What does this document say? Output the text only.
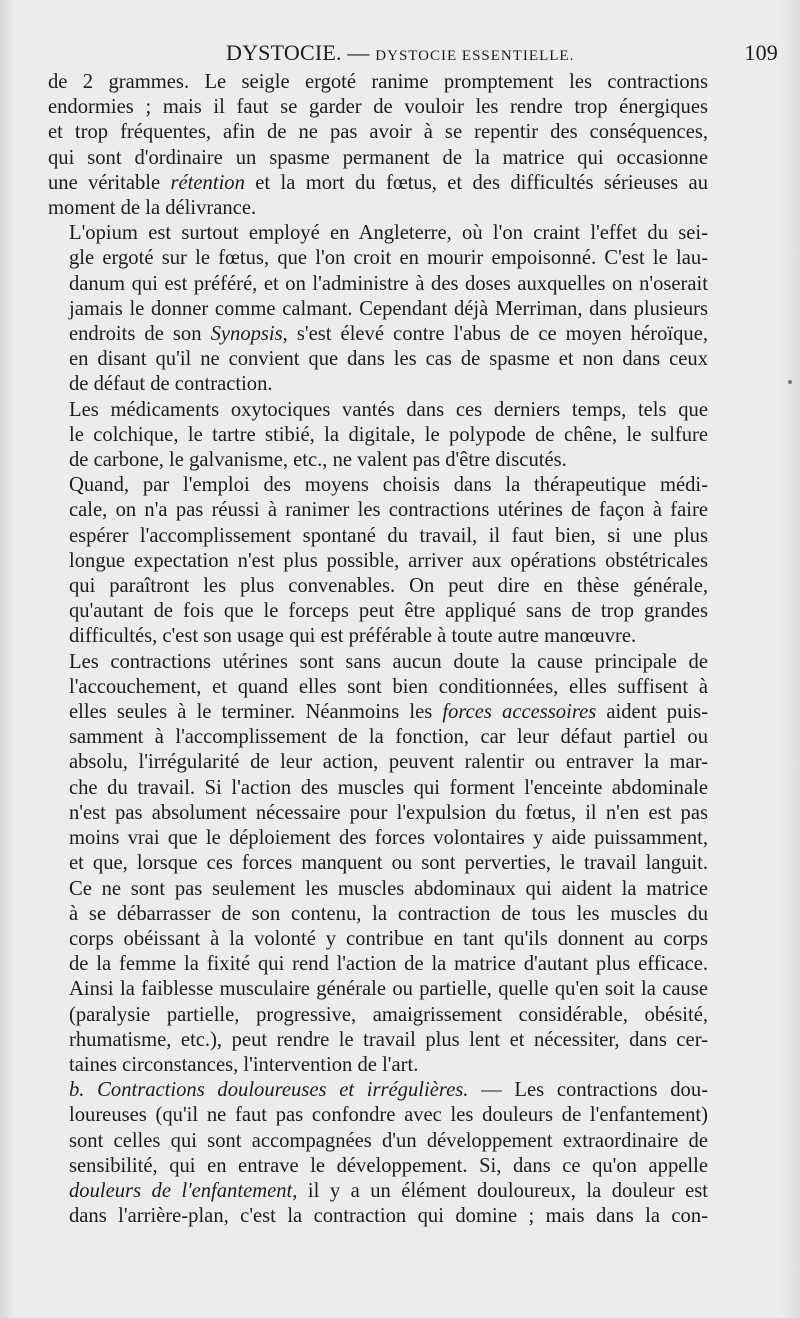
DYSTOCIE. — DYSTOCIE ESSENTIELLE.	109

de 2 grammes. Le seigle ergoté ranime promptement les contractions
endormies ; mais il faut se garder de vouloir les rendre trop énergiques
et trop fréquentes, afin de ne pas avoir à se repentir des conséquences,
qui sont d'ordinaire un spasme permanent de la matrice qui occasionne
une véritable rétention et la mort du fœtus, et des difficultés sérieuses au
moment de la délivrance.

L'opium est surtout employé en Angleterre, où l'on craint l'effet du sei-
gle ergoté sur le fœtus, que l'on croit en mourir empoisonné. C'est le lau-
danum qui est préféré, et on l'administre à des doses auxquelles on n'oserait
jamais le donner comme calmant. Cependant déjà Merriman, dans plusieurs
endroits de son Synopsis, s'est élevé contre l'abus de ce moyen héroïque,
en disant qu'il ne convient que dans les cas de spasme et non dans ceux
de défaut de contraction.

Les médicaments oxytociques vantés dans ces derniers temps, tels que
le colchique, le tartre stibié, la digitale, le polypode de chêne, le sulfure
de carbone, le galvanisme, etc., ne valent pas d'être discutés.

Quand, par l'emploi des moyens choisis dans la thérapeutique médi-
cale, on n'a pas réussi à ranimer les contractions utérines de façon à faire
espérer l'accomplissement spontané du travail, il faut bien, si une plus
longue expectation n'est plus possible, arriver aux opérations obstétricales
qui paraîtront les plus convenables. On peut dire en thèse générale,
qu'autant de fois que le forceps peut être appliqué sans de trop grandes
difficultés, c'est son usage qui est préférable à toute autre manœuvre.

Les contractions utérines sont sans aucun doute la cause principale de
l'accouchement, et quand elles sont bien conditionnées, elles suffisent à
elles seules à le terminer. Néanmoins les forces accessoires aident puis-
samment à l'accomplissement de la fonction, car leur défaut partiel ou
absolu, l'irrégularité de leur action, peuvent ralentir ou entraver la mar-
che du travail. Si l'action des muscles qui forment l'enceinte abdominale
n'est pas absolument nécessaire pour l'expulsion du fœtus, il n'en est pas
moins vrai que le déploiement des forces volontaires y aide puissamment,
et que, lorsque ces forces manquent ou sont perverties, le travail languit.
Ce ne sont pas seulement les muscles abdominaux qui aident la matrice
à se débarrasser de son contenu, la contraction de tous les muscles du
corps obéissant à la volonté y contribue en tant qu'ils donnent au corps
de la femme la fixité qui rend l'action de la matrice d'autant plus efficace.
Ainsi la faiblesse musculaire générale ou partielle, quelle qu'en soit la cause
(paralysie partielle, progressive, amaigrissement considérable, obésité,
rhumatisme, etc.), peut rendre le travail plus lent et nécessiter, dans cer-
taines circonstances, l'intervention de l'art.

b. Contractions douloureuses et irrégulières. — Les contractions dou-
loureuses (qu'il ne faut pas confondre avec les douleurs de l'enfantement)
sont celles qui sont accompagnées d'un développement extraordinaire de
sensibilité, qui en entrave le développement. Si, dans ce qu'on appelle
douleurs de l'enfantement, il y a un élément douloureux, la douleur est
dans l'arrière-plan, c'est la contraction qui domine ; mais dans la con-
